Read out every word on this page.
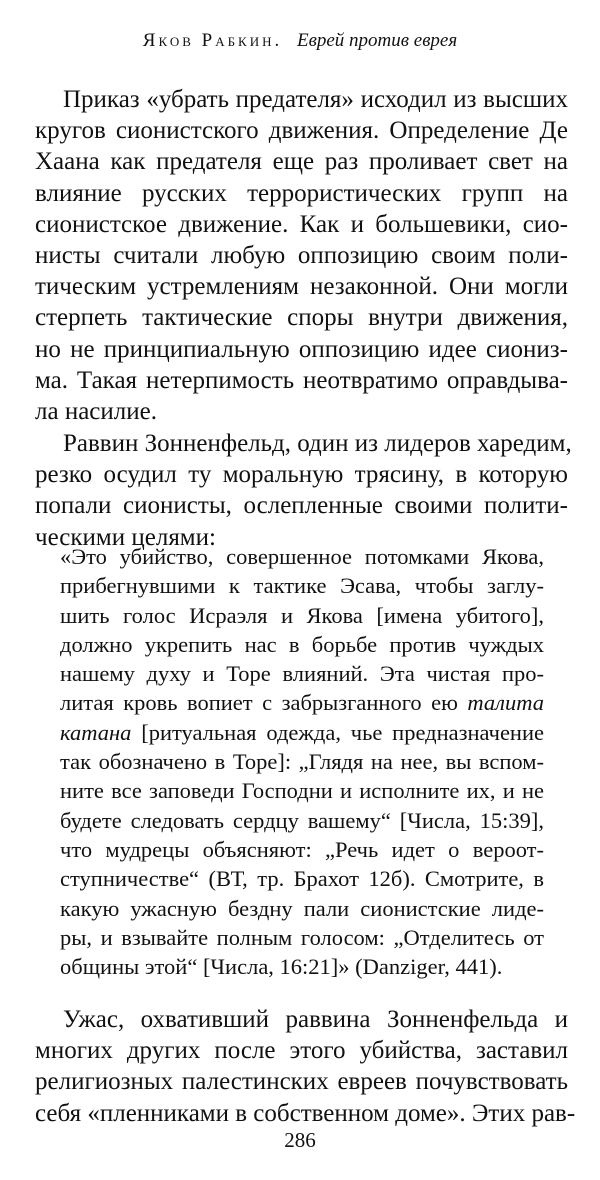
Яков Рабкин. Еврей против еврея
Приказ «убрать предателя» исходил из высших
кругов сионистского движения. Определение Де
Хаана как предателя еще раз проливает свет на
влияние русских террористических групп на
сионистское движение. Как и большевики, сио-
нисты считали любую оппозицию своим поли-
тическим устремлениям незаконной. Они могли
стерпеть тактические споры внутри движения,
но не принципиальную оппозицию идее сиониз-
ма. Такая нетерпимость неотвратимо оправдыва-
ла насилие.
Раввин Зонненфельд, один из лидеров харедим,
резко осудил ту моральную трясину, в которую
попали сионисты, ослепленные своими полити-
ческими целями:
«Это убийство, совершенное потомками Якова,
прибегнувшими к тактике Эсава, чтобы заглу-
шить голос Исраэля и Якова [имена убитого],
должно укрепить нас в борьбе против чуждых
нашему духу и Торе влияний. Эта чистая про-
литая кровь вопиет с забрызганного ею талита
катана [ритуальная одежда, чье предназначение
так обозначено в Торе]: „Глядя на нее, вы вспом-
ните все заповеди Господни и исполните их, и не
будете следовать сердцу вашему“ [Числа, 15:39],
что мудрецы объясняют: „Речь идет о вероот-
ступничестве“ (ВТ, тр. Брахот 12б). Смотрите, в
какую ужасную бездну пали сионистские лиде-
ры, и взывайте полным голосом: „Отделитесь от
общины этой“ [Числа, 16:21]» (Danziger, 441).
Ужас, охвативший раввина Зонненфельда и
многих других после этого убийства, заставил
религиозных палестинских евреев почувствовать
себя «пленниками в собственном доме». Этих рав-
286
